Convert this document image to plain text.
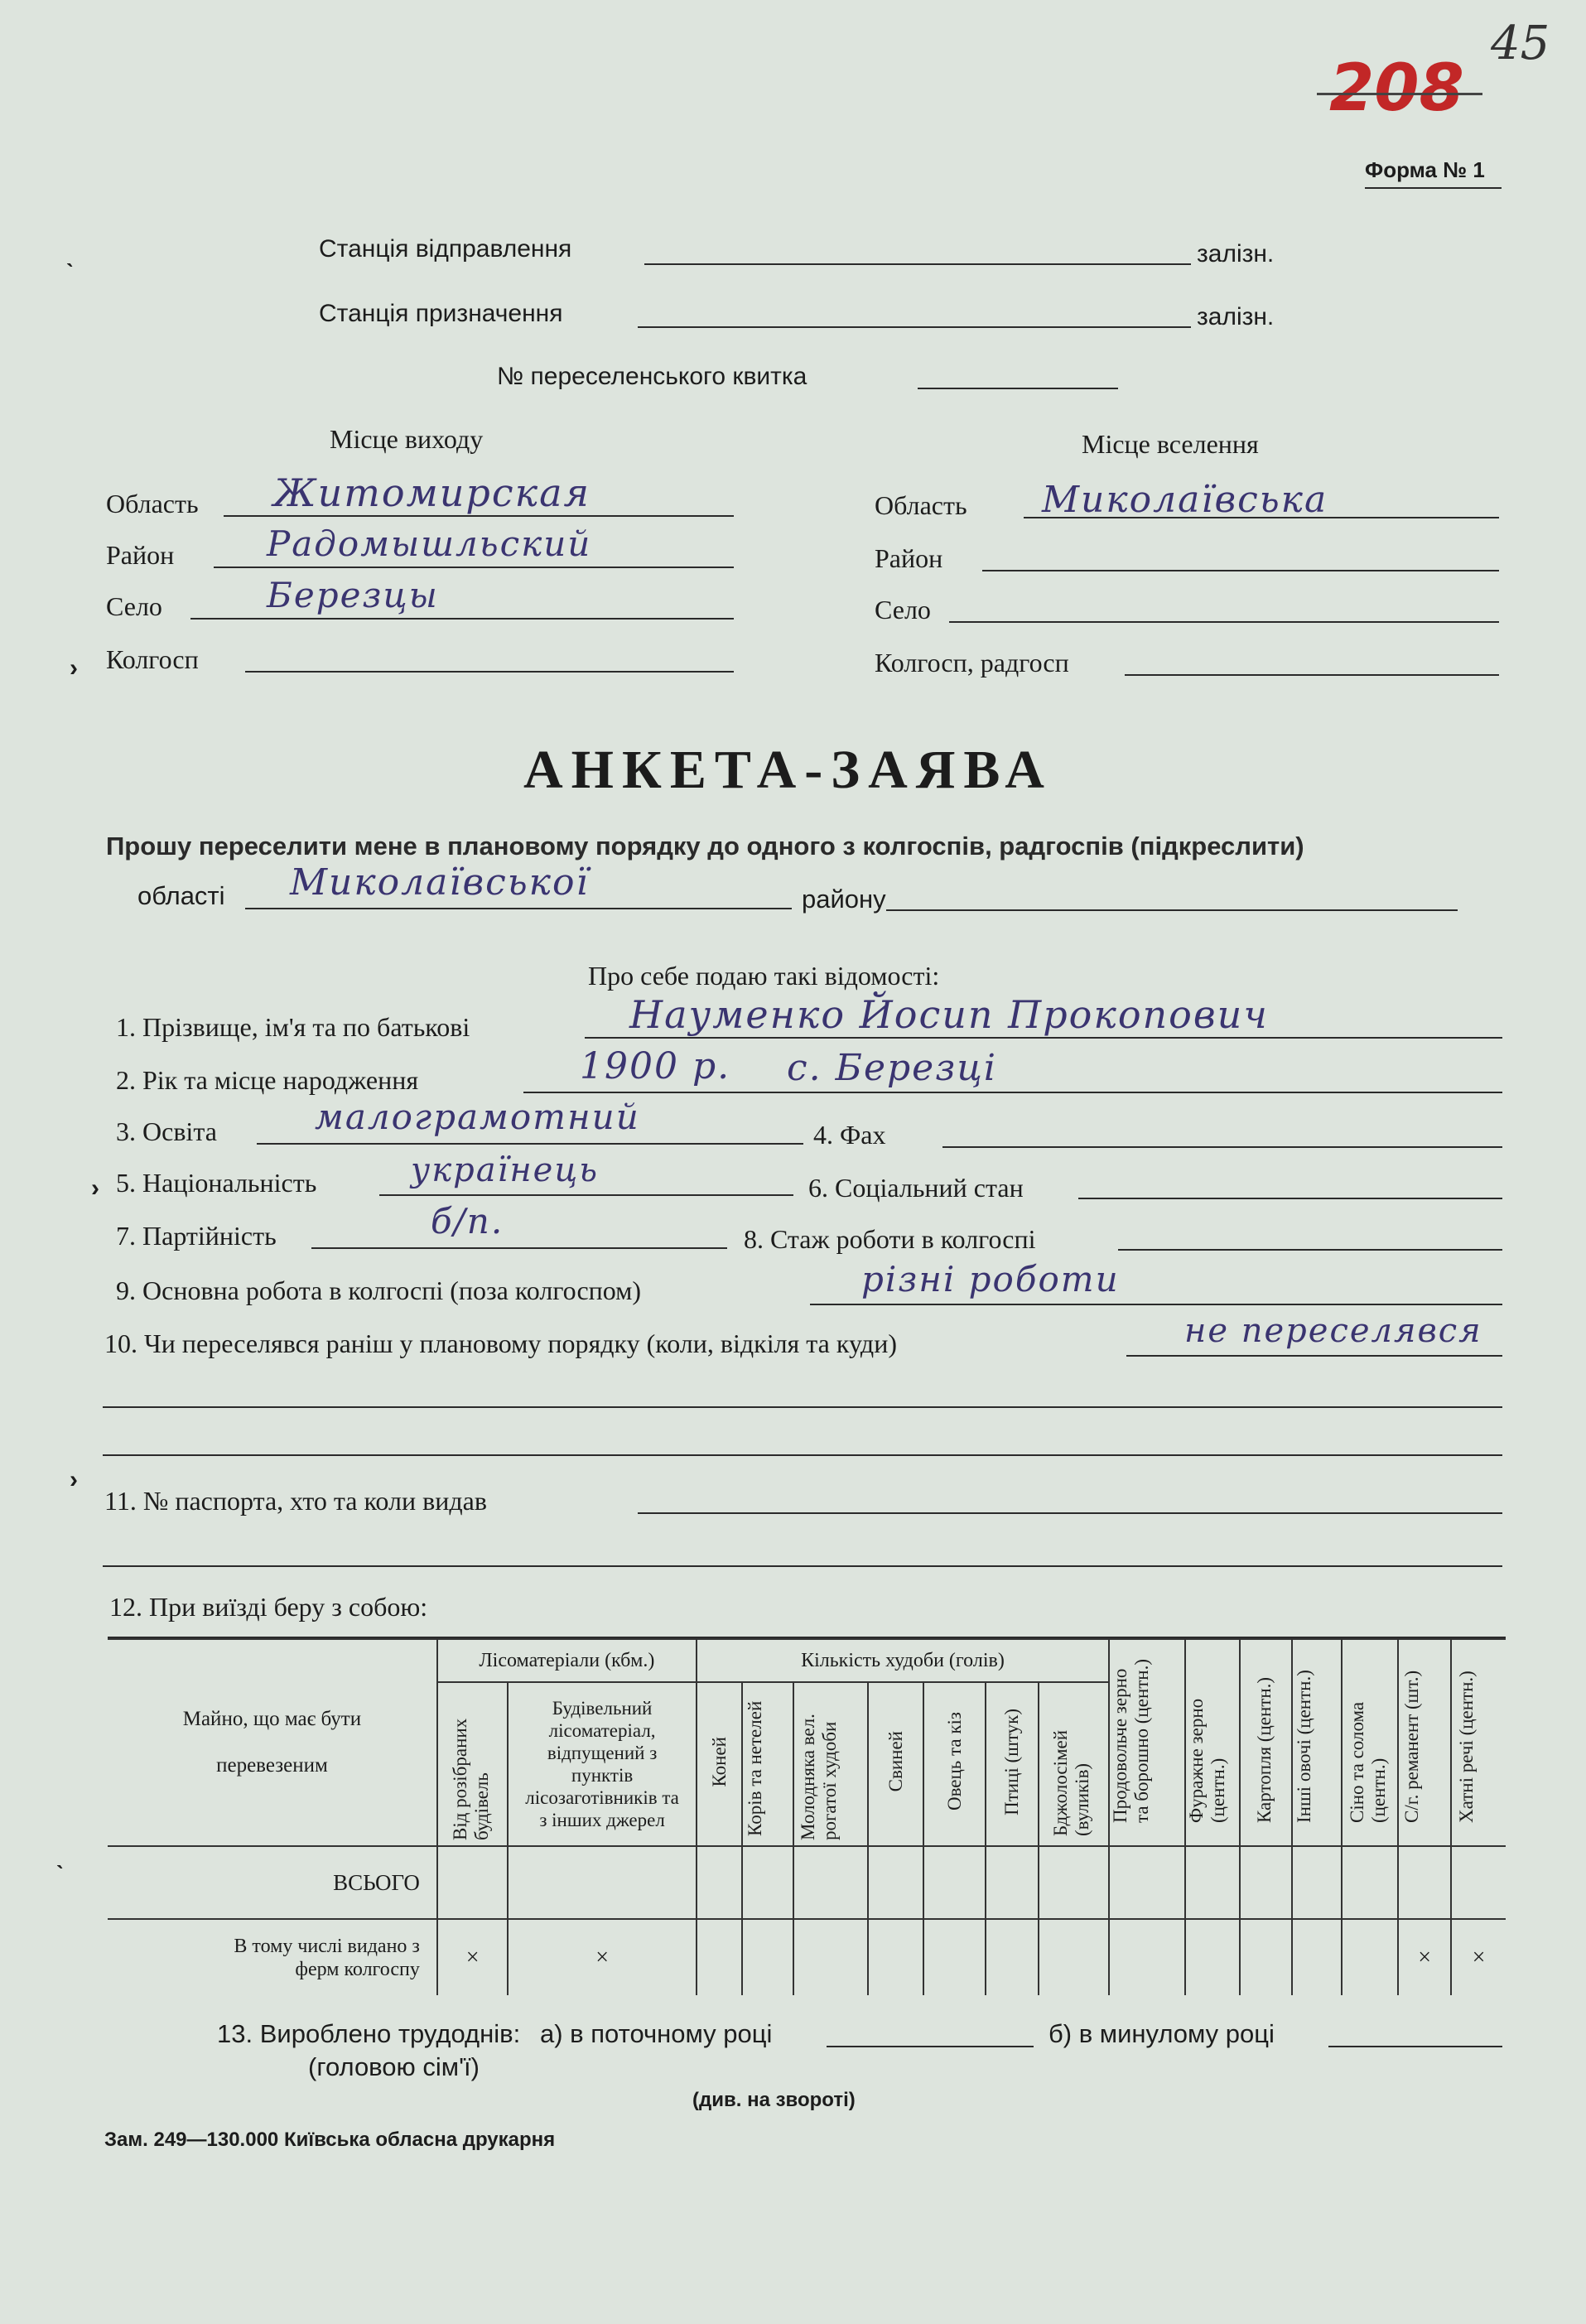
208
45
Форма № 1
Станція відправлення	залізн.
Станція призначення	залізн.
№ переселенського квитка
Місце виходу
Область Житомирская
Район	Радомышльский
Село	Березцы
Колгосп
Місце вселення
Область Миколаївська
Район
Село
Колгосп, радгосп
АНКЕТА-ЗАЯВА
Прошу переселити мене в плановому порядку до одного з колгоспів, радгоспів (підкреслити)
області Миколаївської	району
Про себе подаю такі відомості:
1. Прізвище, ім'я та по батькові	Науменко Йосип Прокопович
2. Рік та місце народження	1900 р. с. Березці
3. Освіта	малограмотний	4. Фах
5. Національність	українець	6. Соціальний стан
7. Партійність	б/п.	8. Стаж роботи в колгоспі
9. Основна робота в колгоспі (поза колгоспом)	різні роботи
10. Чи переселявся раніш у плановому порядку (коли, відкіля та куди)	не переселявся
11. № паспорта, хто та коли видав
12. При виїзді беру з собою:
Майно, що має бути перевезеним	Лісоматеріали (кбм.)		Кількість худоби (голів)							Продовольче зерно та борошно (центн.)	Фуражне зерно (центн.)	Картопля (центн.)	Інші овочі (центн.)	Сіно та солома (центн.)	С/г. реманент (шт.)	Хатні речі (центн.)
	Від розібраних будівель	Будівельний лісоматеріал, відпущений з пунктів лісозаготівників та з інших джерел	Коней	Корів та нетелей	Молодняка вел. рогатої худоби	Свиней	Овець та кіз	Птиці (штук)	Бджолосімей (вуликів)							
ВСЬОГО																
В тому числі видано з ферм колгоспу	×	×													×	×
13. Вироблено трудоднів:
(головою сім'ї)
а) в поточному році	б) в минулому році
(див. на звороті)
Зам. 249—130.000 Київська обласна друкарня
ˎ
›
›
›
ˎ
